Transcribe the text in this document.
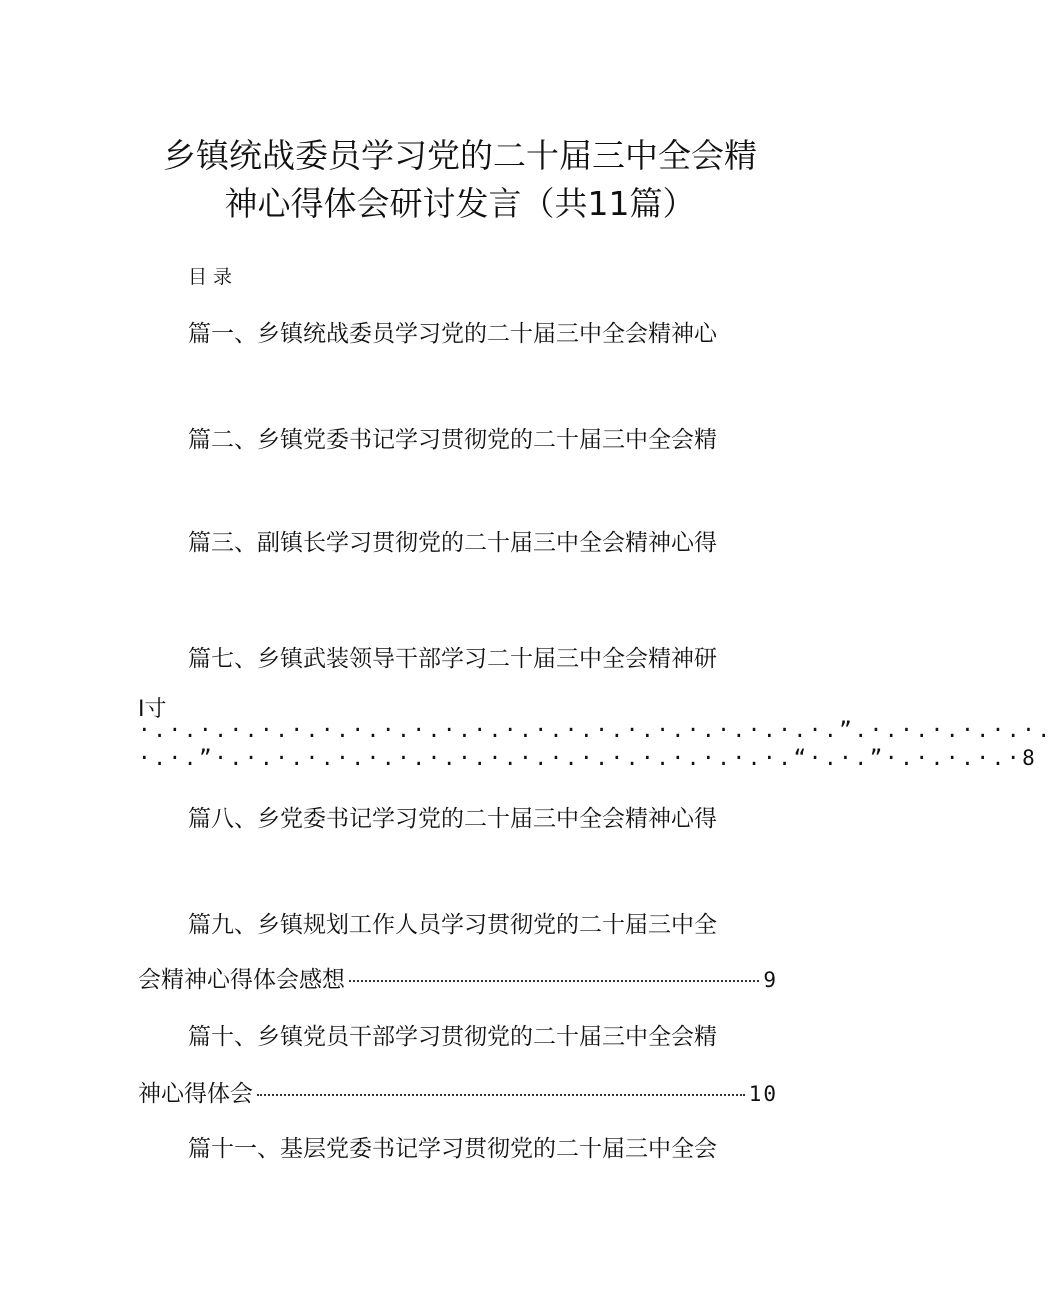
乡镇统战委员学习党的二十届三中全会精
神心得体会研讨发言（共11篇）
目录
篇一、乡镇统战委员学习党的二十届三中全会精神心
篇二、乡镇党委书记学习贯彻党的二十届三中全会精
篇三、副镇长学习贯彻党的二十届三中全会精神心得
篇七、乡镇武装领导干部学习二十届三中全会精神研
I寸
·.·.·.·.·.·.·.·.·.·.·.·.·.·.·.·.·.·.·.·.·.·.·.”.·.·.·.·.·.·.
·.·.”·.·.·.·.·.·.·.·.·.·.·.·.·.·.·.·.·.·.·.“·.·.”·.·.·.·.·8
篇八、乡党委书记学习党的二十届三中全会精神心得
篇九、乡镇规划工作人员学习贯彻党的二十届三中全
会精神心得体会感想	9
篇十、乡镇党员干部学习贯彻党的二十届三中全会精
神心得体会	10
篇十一、基层党委书记学习贯彻党的二十届三中全会
